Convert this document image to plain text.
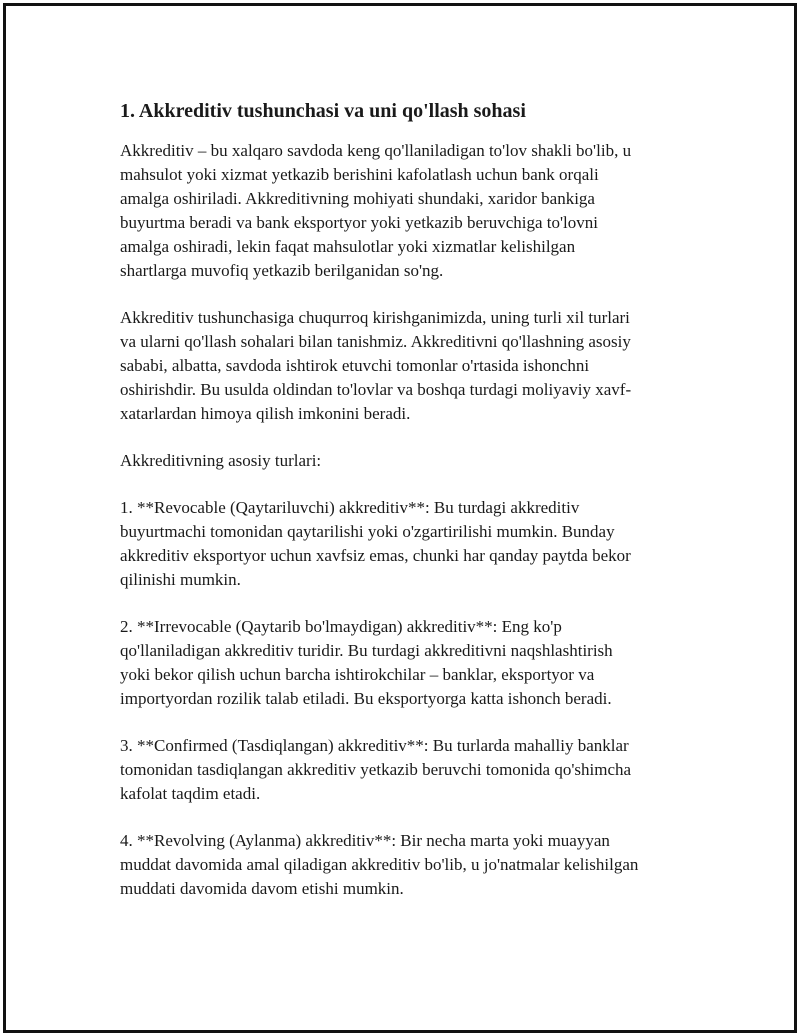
1. Akkreditiv tushunchasi va uni qo'llash sohasi

Akkreditiv – bu xalqaro savdoda keng qo'llaniladigan to'lov shakli bo'lib, u
mahsulot yoki xizmat yetkazib berishini kafolatlash uchun bank orqali
amalga oshiriladi. Akkreditivning mohiyati shundaki, xaridor bankiga
buyurtma beradi va bank eksportyor yoki yetkazib beruvchiga to'lovni
amalga oshiradi, lekin faqat mahsulotlar yoki xizmatlar kelishilgan
shartlarga muvofiq yetkazib berilganidan so'ng.

Akkreditiv tushunchasiga chuqurroq kirishganimizda, uning turli xil turlari
va ularni qo'llash sohalari bilan tanishmiz. Akkreditivni qo'llashning asosiy
sababi, albatta, savdoda ishtirok etuvchi tomonlar o'rtasida ishonchni
oshirishdir. Bu usulda oldindan to'lovlar va boshqa turdagi moliyaviy xavf-
xatarlardan himoya qilish imkonini beradi.

Akkreditivning asosiy turlari:

1. **Revocable (Qaytariluvchi) akkreditiv**: Bu turdagi akkreditiv
buyurtmachi tomonidan qaytarilishi yoki o'zgartirilishi mumkin. Bunday
akkreditiv eksportyor uchun xavfsiz emas, chunki har qanday paytda bekor
qilinishi mumkin.

2. **Irrevocable (Qaytarib bo'lmaydigan) akkreditiv**: Eng ko'p
qo'llaniladigan akkreditiv turidir. Bu turdagi akkreditivni naqshlashtirish
yoki bekor qilish uchun barcha ishtirokchilar – banklar, eksportyor va
importyordan rozilik talab etiladi. Bu eksportyorga katta ishonch beradi.

3. **Confirmed (Tasdiqlangan) akkreditiv**: Bu turlarda mahalliy banklar
tomonidan tasdiqlangan akkreditiv yetkazib beruvchi tomonida qo'shimcha
kafolat taqdim etadi.

4. **Revolving (Aylanma) akkreditiv**: Bir necha marta yoki muayyan
muddat davomida amal qiladigan akkreditiv bo'lib, u jo'natmalar kelishilgan
muddati davomida davom etishi mumkin.
